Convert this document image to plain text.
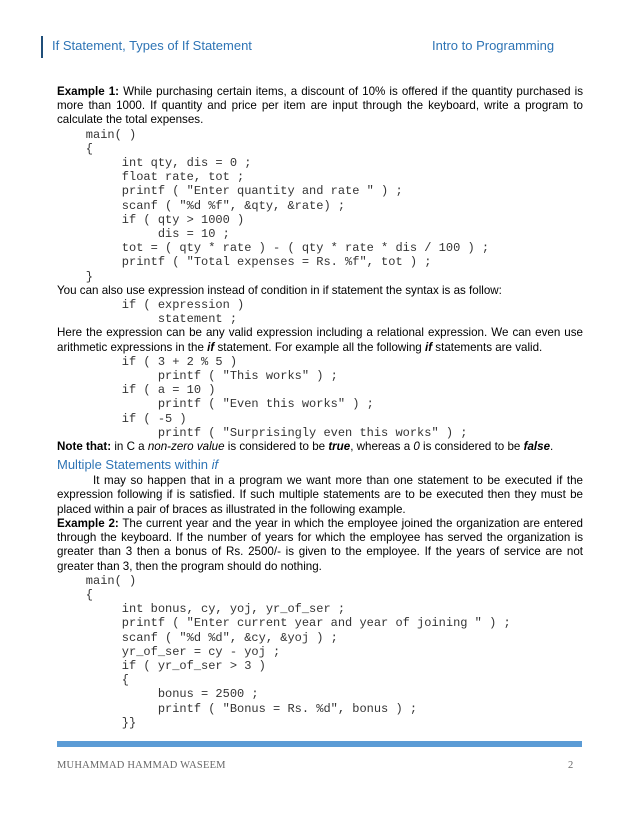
If Statement, Types of If Statement	Intro to Programming

Example 1: While purchasing certain items, a discount of 10% is offered if the quantity purchased is more than 1000. If quantity and price per item are input through the keyboard, write a program to calculate the total expenses.

main( )
{
int qty, dis = 0 ;
float rate, tot ;
printf ( "Enter quantity and rate " ) ;
scanf ( "%d %f", &qty, &rate) ;
if ( qty > 1000 )
dis = 10 ;
tot = ( qty * rate ) - ( qty * rate * dis / 100 ) ;
printf ( "Total expenses = Rs. %f", tot ) ;
}

You can also use expression instead of condition in if statement the syntax is as follow:

if ( expression )
statement ;

Here the expression can be any valid expression including a relational expression. We can even use arithmetic expressions in the if statement. For example all the following if statements are valid.

if ( 3 + 2 % 5 )
printf ( "This works" ) ;
if ( a = 10 )
printf ( "Even this works" ) ;
if ( -5 )
printf ( "Surprisingly even this works" ) ;

Note that: in C a non-zero value is considered to be true, whereas a 0 is considered to be false.

Multiple Statements within if

It may so happen that in a program we want more than one statement to be executed if the expression following if is satisfied. If such multiple statements are to be executed then they must be placed within a pair of braces as illustrated in the following example.

Example 2: The current year and the year in which the employee joined the organization are entered through the keyboard. If the number of years for which the employee has served the organization is greater than 3 then a bonus of Rs. 2500/- is given to the employee. If the years of service are not greater than 3, then the program should do nothing.

main( )
{
int bonus, cy, yoj, yr_of_ser ;
printf ( "Enter current year and year of joining " ) ;
scanf ( "%d %d", &cy, &yoj ) ;
yr_of_ser = cy - yoj ;
if ( yr_of_ser > 3 )
{
bonus = 2500 ;
printf ( "Bonus = Rs. %d", bonus ) ;
}}
MUHAMMAD HAMMAD WASEEM	2
